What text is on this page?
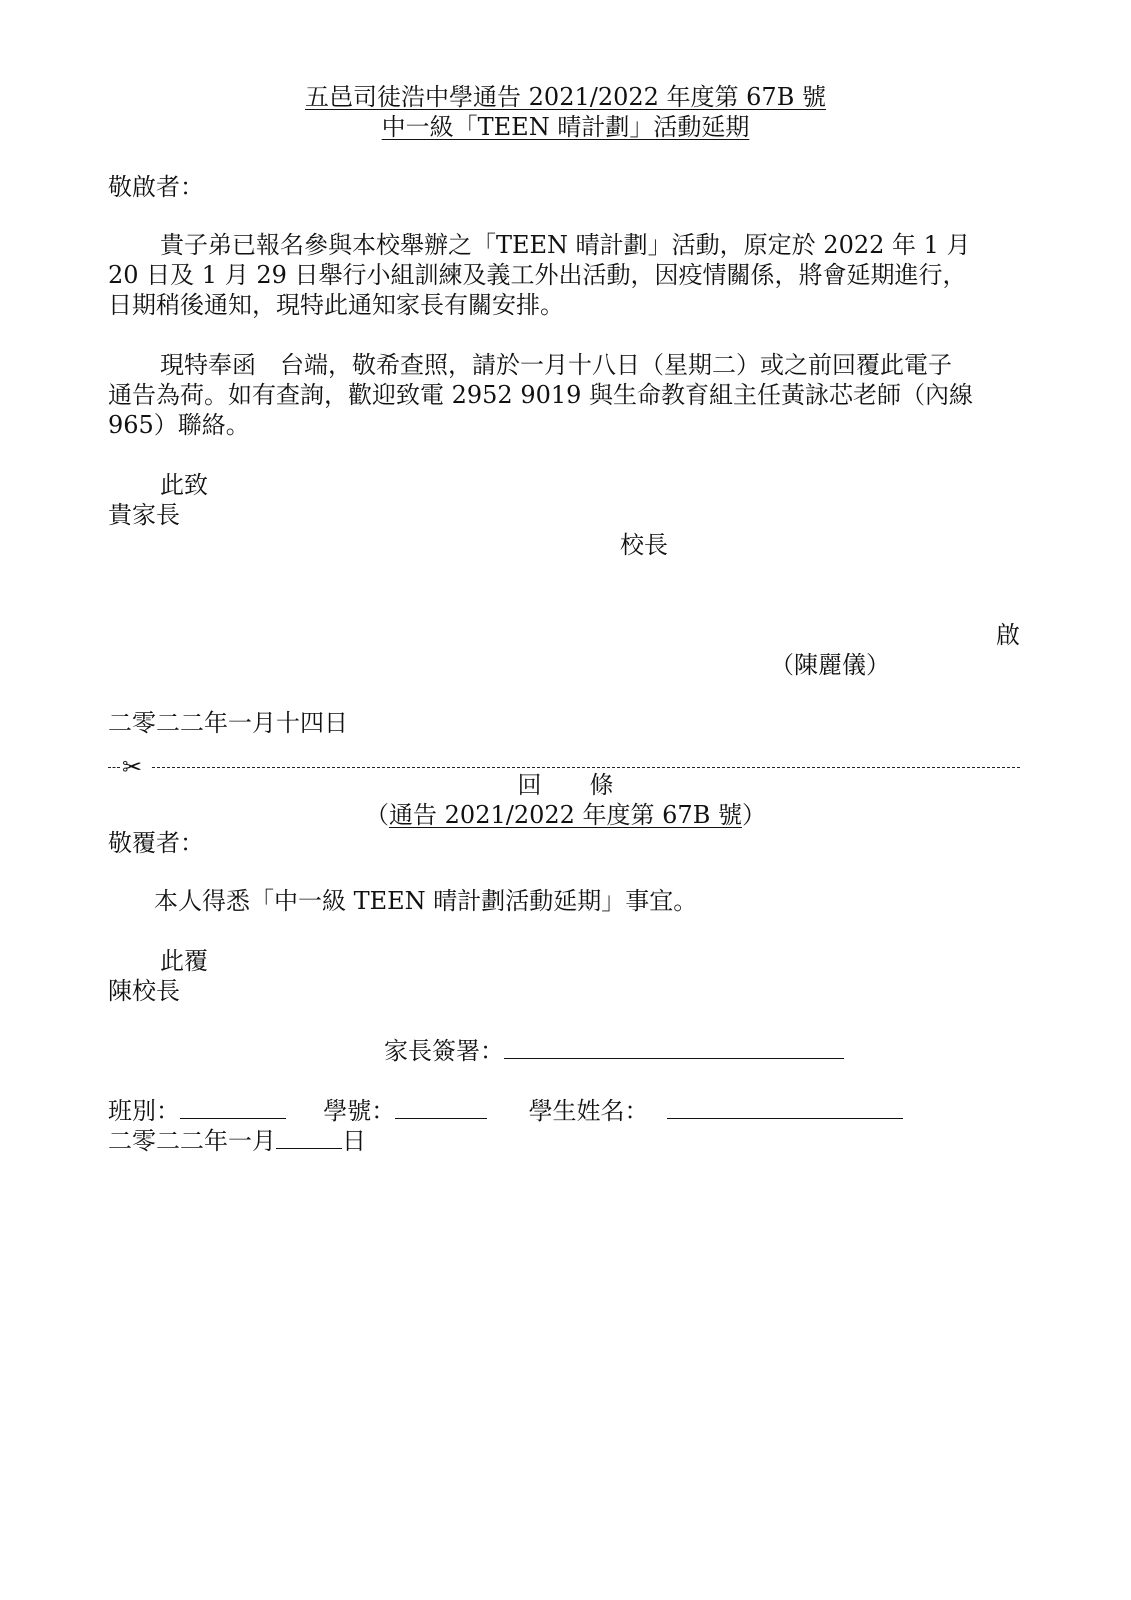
五邑司徒浩中學通告 2021/2022 年度第 67B 號
中一級「TEEN 晴計劃」活動延期
敬啟者：
貴子弟已報名參與本校舉辦之「TEEN 晴計劃」活動，原定於 2022 年 1 月
20 日及 1 月 29 日舉行小組訓練及義工外出活動，因疫情關係，將會延期進行，
日期稍後通知，現特此通知家長有關安排。
現特奉函　台端，敬希查照，請於一月十八日（星期二）或之前回覆此電子
通告為荷。如有查詢，歡迎致電 2952 9019 與生命教育組主任黃詠芯老師（內線
965）聯絡。
此致
貴家長
校長
啟
（陳麗儀）
二零二二年一月十四日
✂
回　　條
（通告 2021/2022 年度第 67B 號）
敬覆者：
本人得悉「中一級 TEEN 晴計劃活動延期」事宜。
此覆
陳校長
家長簽署：
班別：	學號：	學生姓名：
二零二二年一月	日
